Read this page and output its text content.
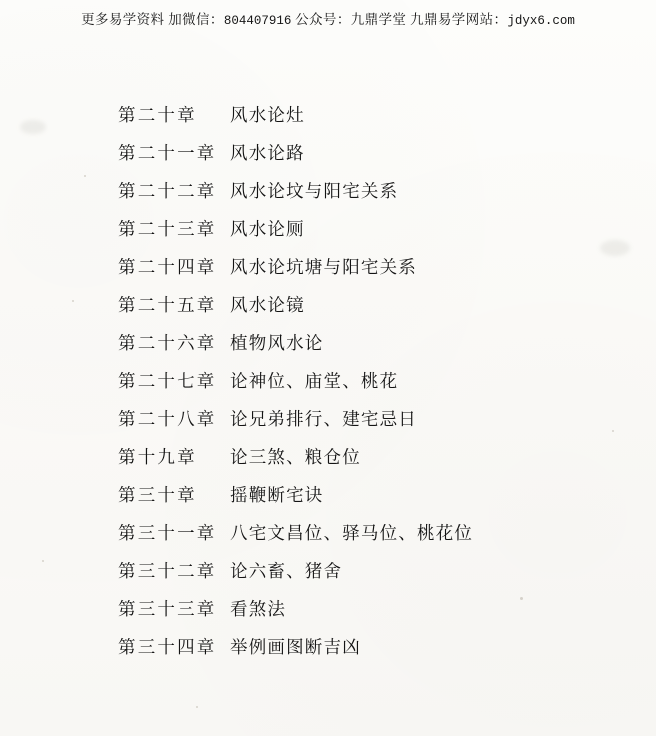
更多易学资料 加微信：804407916 公众号：九鼎学堂 九鼎易学网站：jdyx6.com
第二十章	风水论灶
第二十一章 风水论路
第二十二章 风水论坟与阳宅关系
第二十三章 风水论厕
第二十四章 风水论坑塘与阳宅关系
第二十五章 风水论镜
第二十六章 植物风水论
第二十七章 论神位、庙堂、桃花
第二十八章 论兄弟排行、建宅忌日
第十九章	论三煞、粮仓位
第三十章	摇鞭断宅诀
第三十一章 八宅文昌位、驿马位、桃花位
第三十二章 论六畜、猪舍
第三十三章 看煞法
第三十四章 举例画图断吉凶
